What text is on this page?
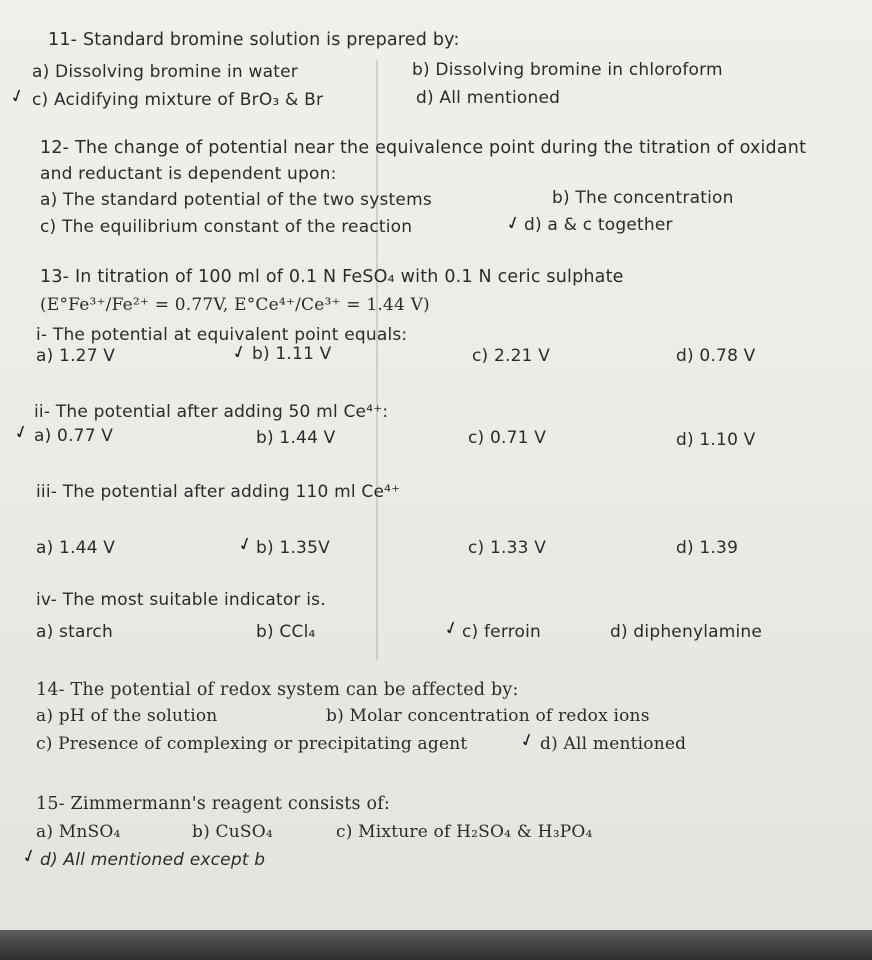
11- Standard bromine solution is prepared by:
a) Dissolving bromine in water	b) Dissolving bromine in chloroform
✓ c) Acidifying mixture of BrO₃ & Br	d) All mentioned
12- The change of potential near the equivalence point during the titration of oxidant
and reductant is dependent upon:
a) The standard potential of the two systems	b) The concentration
c) The equilibrium constant of the reaction	✓ d) a & c together
13- In titration of 100 ml of 0.1 N FeSO₄ with 0.1 N ceric sulphate
(E°Fe³⁺/Fe²⁺ = 0.77V, E°Ce⁴⁺/Ce³⁺ = 1.44 V)
i- The potential at equivalent point equals:
a) 1.27 V	✓ b) 1.11 V	c) 2.21 V	d) 0.78 V
ii- The potential after adding 50 ml Ce⁴⁺:
✓ a) 0.77 V	b) 1.44 V	c) 0.71 V	d) 1.10 V
iii- The potential after adding 110 ml Ce⁴⁺
a) 1.44 V	✓ b) 1.35V	c) 1.33 V	d) 1.39
iv- The most suitable indicator is.
a) starch	b) CCl₄	✓ c) ferroin	d) diphenylamine
14- The potential of redox system can be affected by:
a) pH of the solution	b) Molar concentration of redox ions
c) Presence of complexing or precipitating agent	✓ d) All mentioned
15- Zimmermann's reagent consists of:
a) MnSO₄	b) CuSO₄	c) Mixture of H₂SO₄ & H₃PO₄
✓ d) All mentioned except b
